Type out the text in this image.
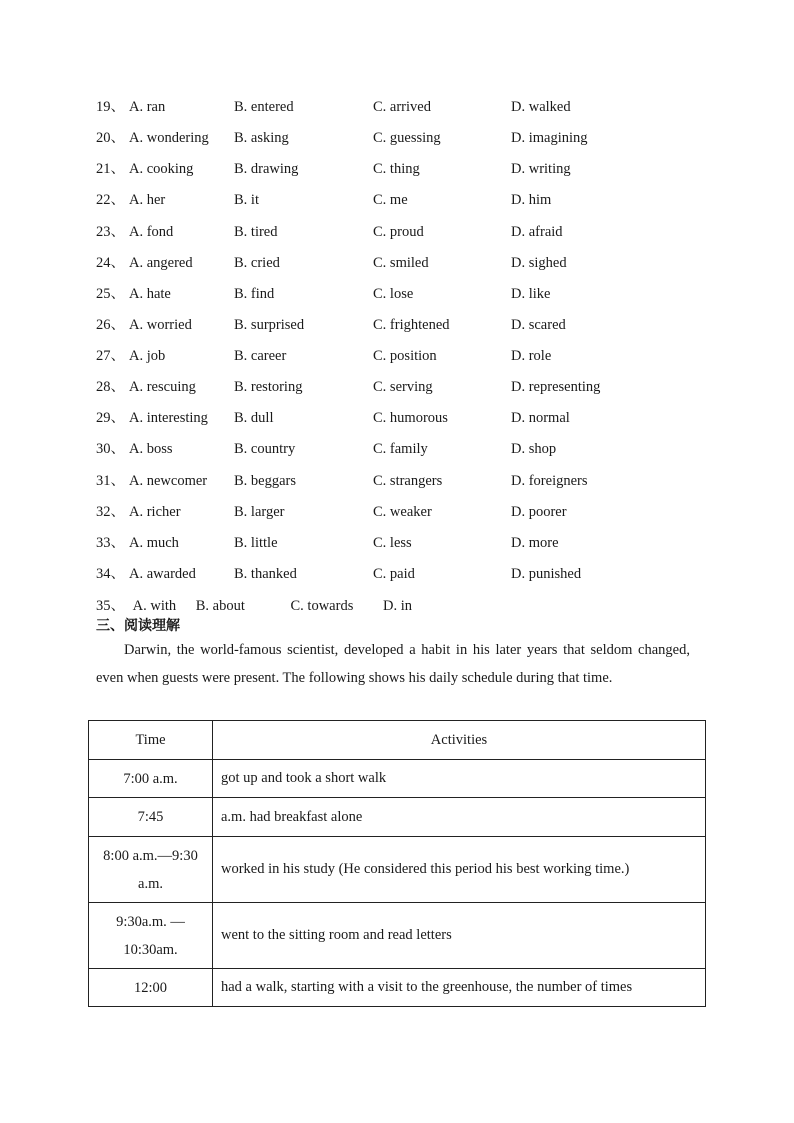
19、 A. ran	B. entered	C. arrived	D. walked
20、 A. wondering B. asking	C. guessing	D. imagining
21、 A. cooking	B. drawing	C. thing	D. writing
22、 A. her	B. it	C. me	D. him
23、 A. fond	B. tired	C. proud	D. afraid
24、 A. angered	B. cried	C. smiled	D. sighed
25、 A. hate	B. find	C. lose	D. like
26、 A. worried	B. surprised	C. frightened	D. scared
27、 A. job	B. career	C. position	D. role
28、 A. rescuing	B. restoring	C. serving	D. representing
29、 A. interesting B. dull	C. humorous	D. normal
30、 A. boss	B. country	C. family	D. shop
31、 A. newcomer B. beggars	C. strangers	D. foreigners
32、 A. richer	B. larger	C. weaker	D. poorer
33、 A. much	B. little	C. less	D. more
34、 A. awarded	B. thanked	C. paid	D. punished
35、 A. with B. about	C. towards D. in
三、阅读理解
Darwin, the world-famous scientist, developed a habit in his later years that seldom changed, even when guests were present. The following shows his daily schedule during that time.
Time	Activities
7:00 a.m.	got up and took a short walk
7:45	a.m. had breakfast alone
8:00 a.m.—9:30 a.m.	worked in his study (He considered this period his best working time.)
9:30a.m. —10:30am.	went to the sitting room and read letters
12:00	had a walk, starting with a visit to the greenhouse, the number of times
